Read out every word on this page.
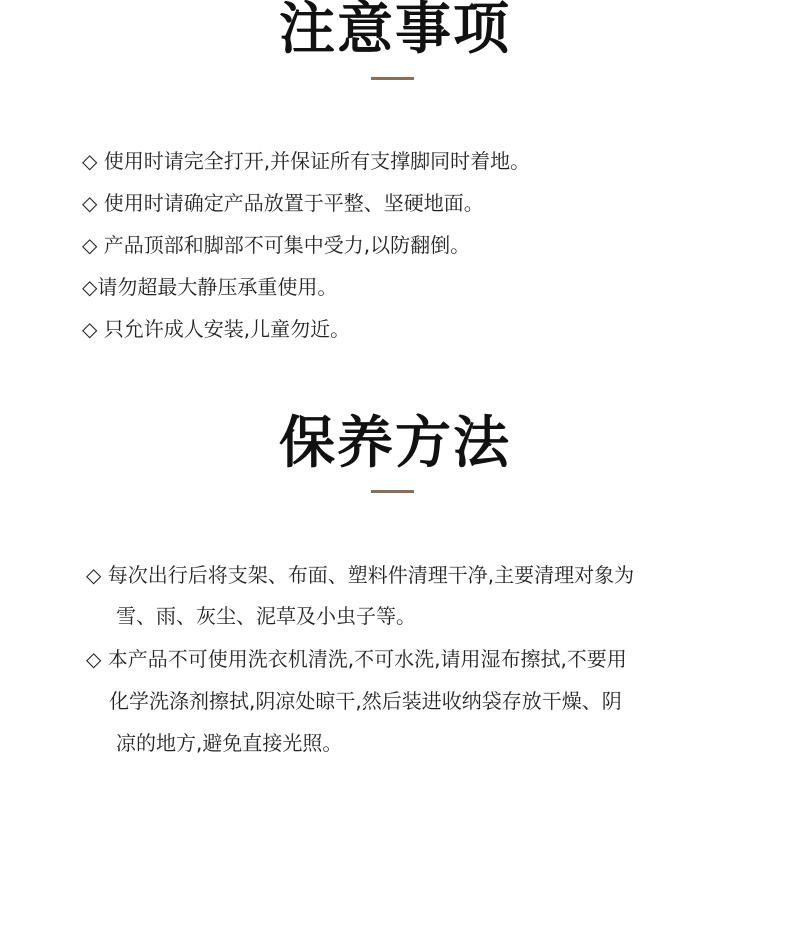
注意事项
◇ 使用时请完全打开,并保证所有支撑脚同时着地。
◇ 使用时请确定产品放置于平整、坚硬地面。
◇ 产品顶部和脚部不可集中受力,以防翻倒。
◇请勿超最大静压承重使用。
◇ 只允许成人安装,儿童勿近。
保养方法
◇ 每次出行后将支架、布面、塑料件清理干净,主要清理对象为
雪、雨、灰尘、泥草及小虫子等。
◇ 本产品不可使用洗衣机清洗,不可水洗,请用湿布擦拭,不要用
化学洗涤剂擦拭,阴凉处晾干,然后装进收纳袋存放干燥、阴
凉的地方,避免直接光照。
